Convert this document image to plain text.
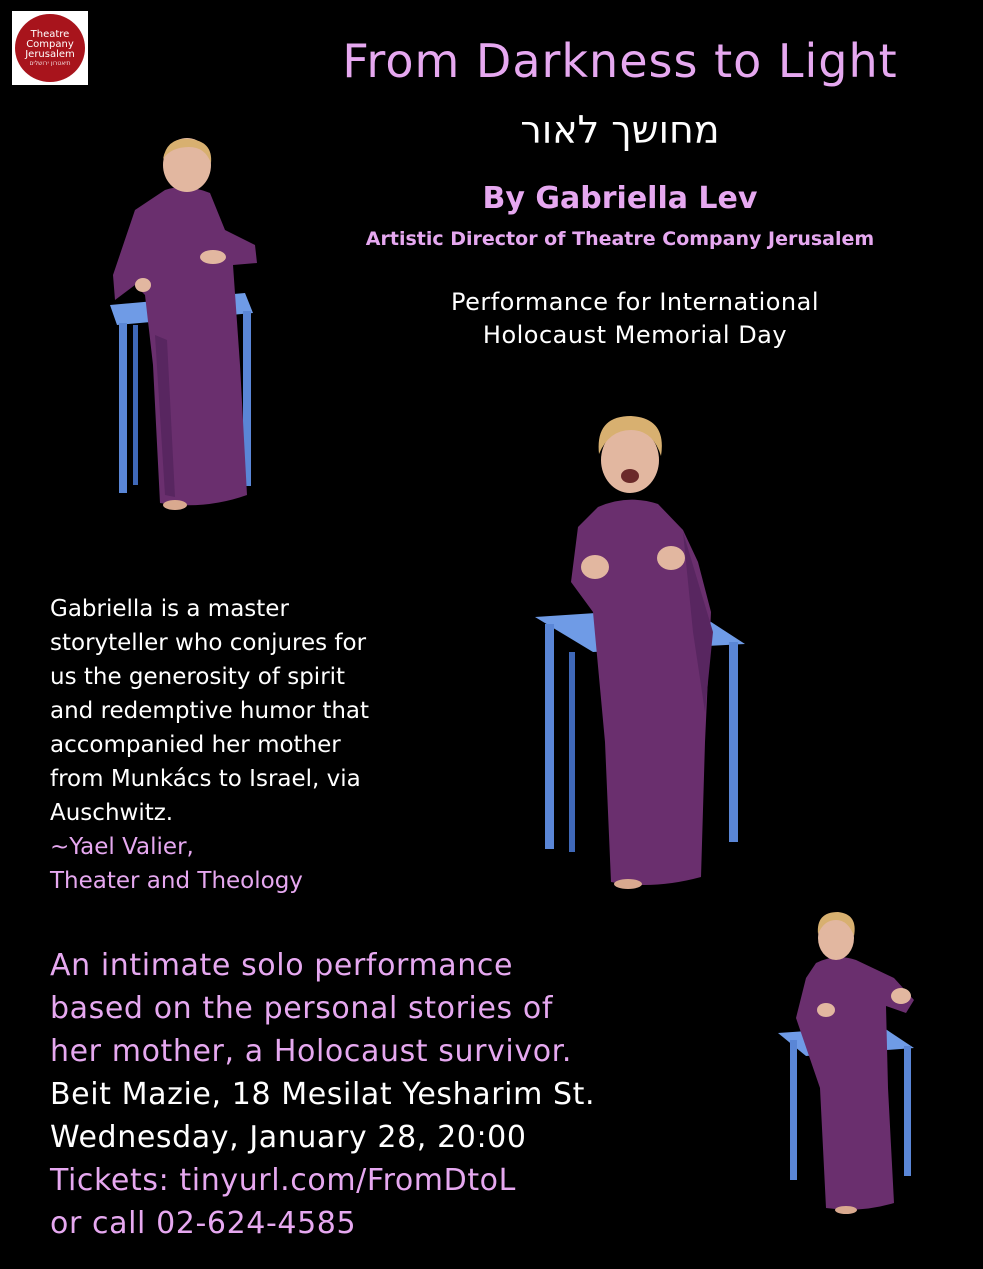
Theatre
Company
Jerusalem
תיאטרון ירושלים	From Darkness to Light
מחושך לאור
By Gabriella Lev
Artistic Director of Theatre Company Jerusalem
Performance for International
Holocaust Memorial Day
Gabriella is a master
storyteller who conjures for
us the generosity of spirit
and redemptive humor that
accompanied her mother
from Munkács to Israel, via
Auschwitz.
~Yael Valier,
Theater and Theology
An intimate solo performance
based on the personal stories of
her mother, a Holocaust survivor.
Beit Mazie, 18 Mesilat Yesharim St.
Wednesday, January 28, 20:00
Tickets: tinyurl.com/FromDtoL
or call 02-624-4585
